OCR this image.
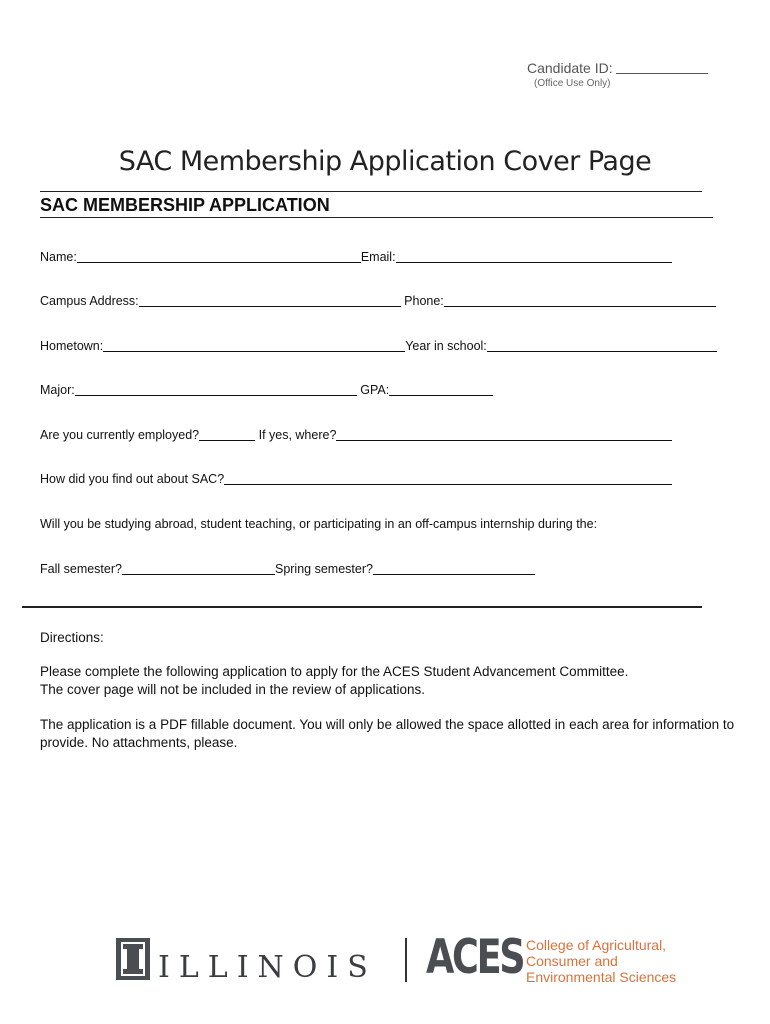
Candidate ID:
(Office Use Only)
SAC Membership Application Cover Page
SAC MEMBERSHIP APPLICATION
Name:	Email:
Campus Address:	Phone:
Hometown:	Year in school:
Major:	GPA:
Are you currently employed?	If yes, where?
How did you find out about SAC?
Will you be studying abroad, student teaching, or participating in an off-campus internship during the:
Fall semester?	Spring semester?
Directions:
Please complete the following application to apply for the ACES Student Advancement Committee.
The cover page will not be included in the review of applications.
The application is a PDF fillable document. You will only be allowed the space allotted in each area for information to
provide. No attachments, please.
ILLINOIS ACES College of Agricultural,
Consumer and
Environmental Sciences
